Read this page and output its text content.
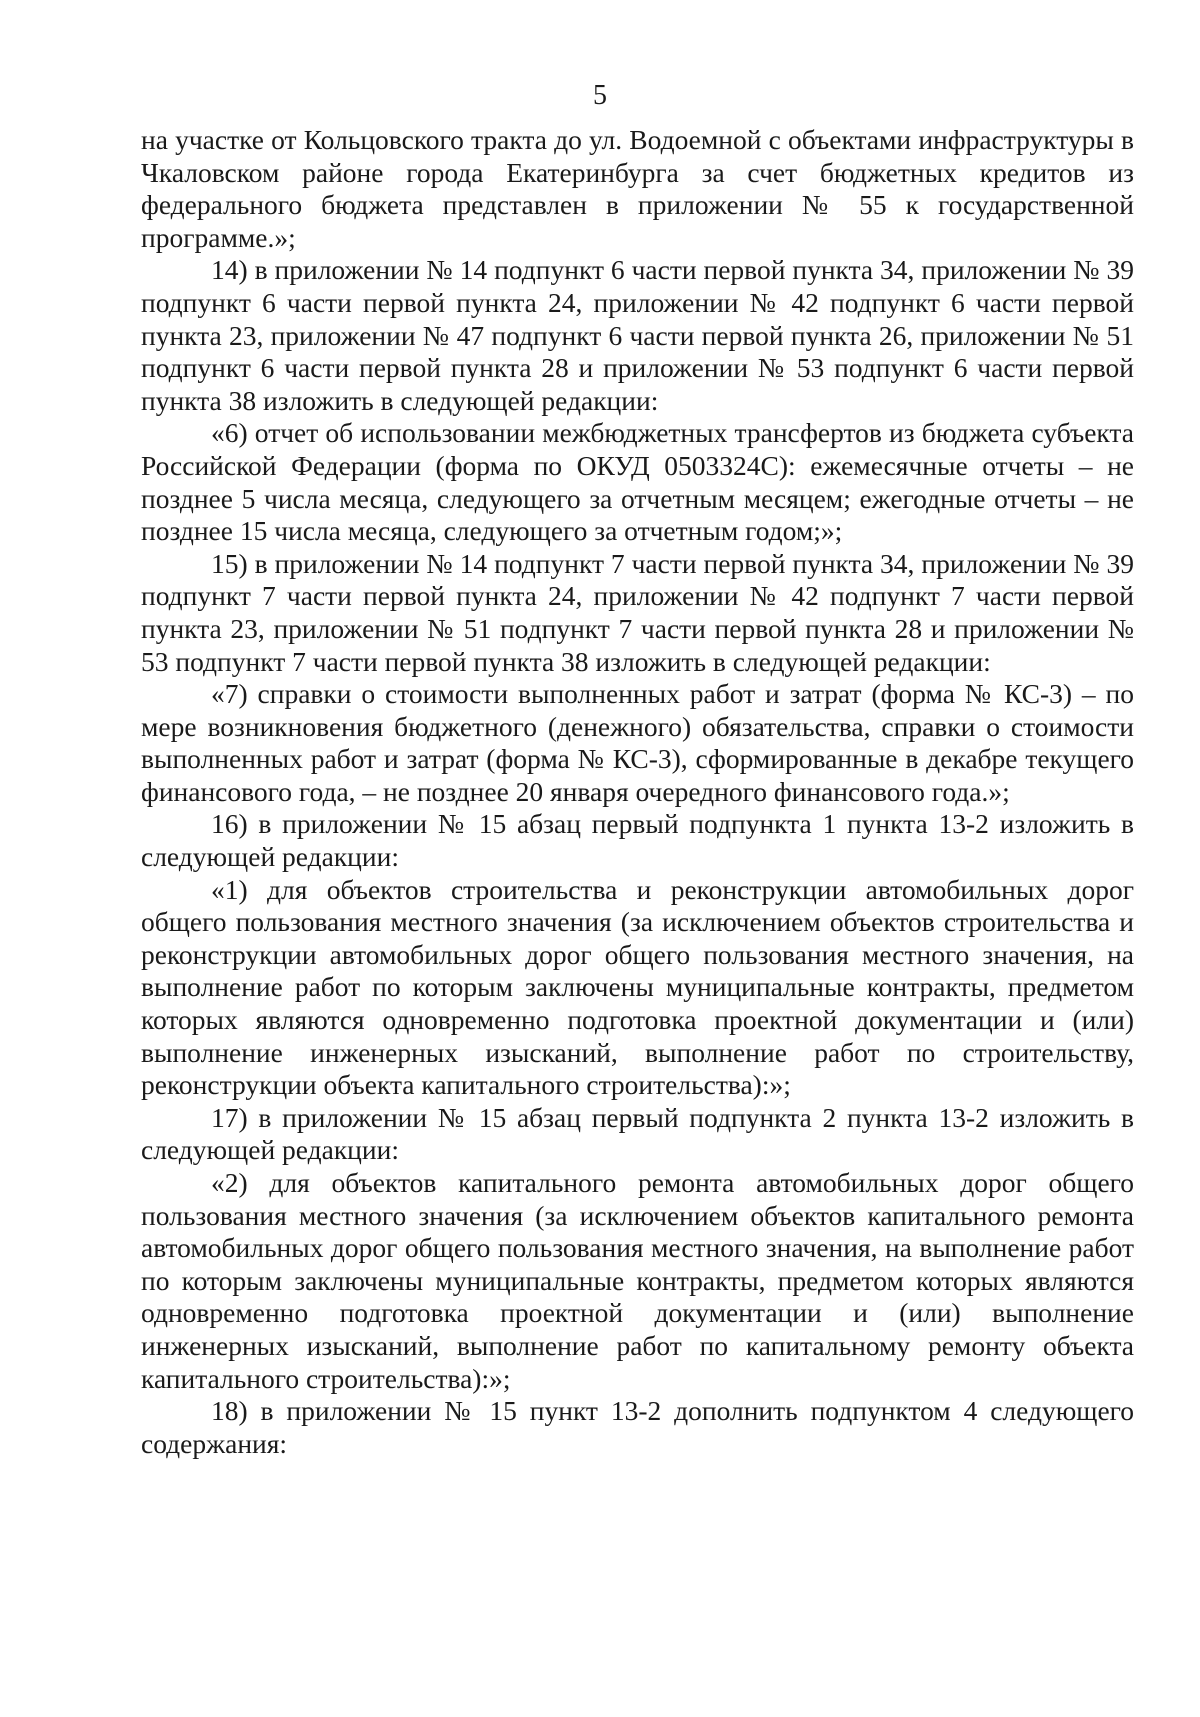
5

на участке от Кольцовского тракта до ул. Водоемной с объектами инфраструктуры в Чкаловском районе города Екатеринбурга за счет бюджетных кредитов из федерального бюджета представлен в приложении № 55 к государственной программе.»;

14) в приложении № 14 подпункт 6 части первой пункта 34, приложении № 39 подпункт 6 части первой пункта 24, приложении № 42 подпункт 6 части первой пункта 23, приложении № 47 подпункт 6 части первой пункта 26, приложении № 51 подпункт 6 части первой пункта 28 и приложении № 53 подпункт 6 части первой пункта 38 изложить в следующей редакции:

«6) отчет об использовании межбюджетных трансфертов из бюджета субъекта Российской Федерации (форма по ОКУД 0503324С): ежемесячные отчеты – не позднее 5 числа месяца, следующего за отчетным месяцем; ежегодные отчеты – не позднее 15 числа месяца, следующего за отчетным годом;»;

15) в приложении № 14 подпункт 7 части первой пункта 34, приложении № 39 подпункт 7 части первой пункта 24, приложении № 42 подпункт 7 части первой пункта 23, приложении № 51 подпункт 7 части первой пункта 28 и приложении № 53 подпункт 7 части первой пункта 38 изложить в следующей редакции:

«7) справки о стоимости выполненных работ и затрат (форма № КС-3) – по мере возникновения бюджетного (денежного) обязательства, справки о стоимости выполненных работ и затрат (форма № КС-3), сформированные в декабре текущего финансового года, – не позднее 20 января очередного финансового года.»;

16) в приложении № 15 абзац первый подпункта 1 пункта 13-2 изложить в следующей редакции:

«1) для объектов строительства и реконструкции автомобильных дорог общего пользования местного значения (за исключением объектов строительства и реконструкции автомобильных дорог общего пользования местного значения, на выполнение работ по которым заключены муниципальные контракты, предметом которых являются одновременно подготовка проектной документации и (или) выполнение инженерных изысканий, выполнение работ по строительству, реконструкции объекта капитального строительства):»;

17) в приложении № 15 абзац первый подпункта 2 пункта 13-2 изложить в следующей редакции:

«2) для объектов капитального ремонта автомобильных дорог общего пользования местного значения (за исключением объектов капитального ремонта автомобильных дорог общего пользования местного значения, на выполнение работ по которым заключены муниципальные контракты, предметом которых являются одновременно подготовка проектной документации и (или) выполнение инженерных изысканий, выполнение работ по капитальному ремонту объекта капитального строительства):»;

18) в приложении № 15 пункт 13-2 дополнить подпунктом 4 следующего содержания:
